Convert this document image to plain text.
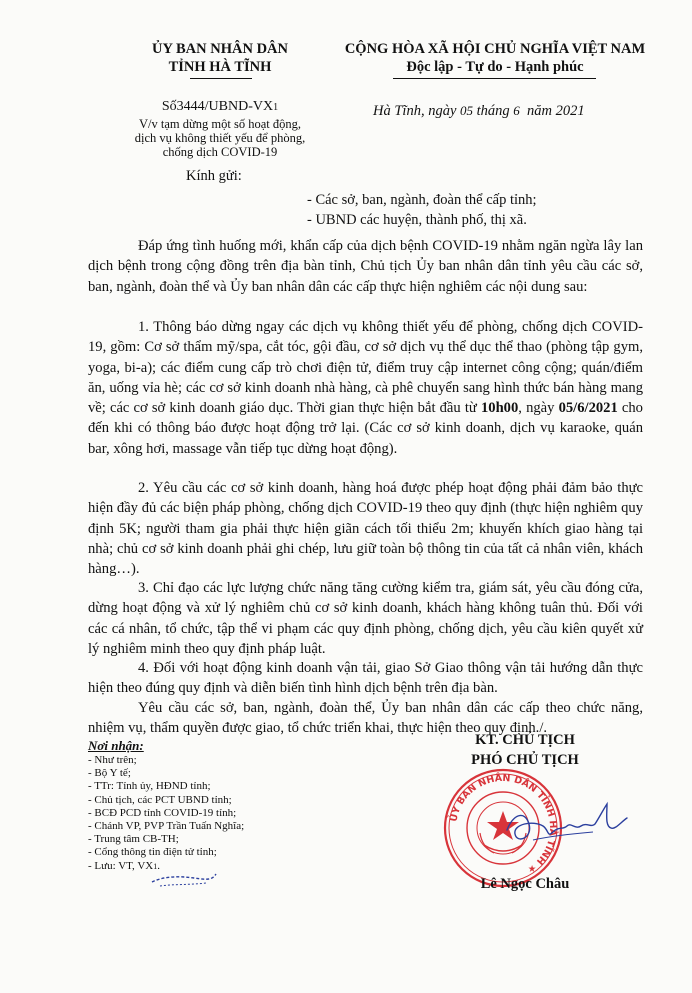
ỦY BAN NHÂN DÂN
TỈNH HÀ TĨNH
CỘNG HÒA XÃ HỘI CHỦ NGHĨA VIỆT NAM
Độc lập - Tự do - Hạnh phúc
Số3444/UBND-VX1
V/v tạm dừng một số hoạt động,
dịch vụ không thiết yếu để phòng,
chống dịch COVID-19
Hà Tĩnh, ngày 05 tháng 6 năm 2021
Kính gửi:
- Các sở, ban, ngành, đoàn thể cấp tỉnh;
- UBND các huyện, thành phố, thị xã.
Đáp ứng tình huống mới, khẩn cấp của dịch bệnh COVID-19 nhằm ngăn ngừa lây lan dịch bệnh trong cộng đồng trên địa bàn tỉnh, Chủ tịch Ủy ban nhân dân tỉnh yêu cầu các sở, ban, ngành, đoàn thể và Ủy ban nhân dân các cấp thực hiện nghiêm các nội dung sau:
1. Thông báo dừng ngay các dịch vụ không thiết yếu để phòng, chống dịch COVID-19, gồm: Cơ sở thẩm mỹ/spa, cắt tóc, gội đầu, cơ sở dịch vụ thể dục thể thao (phòng tập gym, yoga, bi-a); các điểm cung cấp trò chơi điện tử, điểm truy cập internet công cộng; quán/điểm ăn, uống vỉa hè; các cơ sở kinh doanh nhà hàng, cà phê chuyển sang hình thức bán hàng mang về; các cơ sở kinh doanh giáo dục. Thời gian thực hiện bắt đầu từ 10h00, ngày 05/6/2021 cho đến khi có thông báo được hoạt động trở lại. (Các cơ sở kinh doanh, dịch vụ karaoke, quán bar, xông hơi, massage vẫn tiếp tục dừng hoạt động).
2. Yêu cầu các cơ sở kinh doanh, hàng hoá được phép hoạt động phải đảm bảo thực hiện đầy đủ các biện pháp phòng, chống dịch COVID-19 theo quy định (thực hiện nghiêm quy định 5K; người tham gia phải thực hiện giãn cách tối thiểu 2m; khuyến khích giao hàng tại nhà; chủ cơ sở kinh doanh phải ghi chép, lưu giữ toàn bộ thông tin của tất cả nhân viên, khách hàng…).
3. Chỉ đạo các lực lượng chức năng tăng cường kiểm tra, giám sát, yêu cầu đóng cửa, dừng hoạt động và xử lý nghiêm chủ cơ sở kinh doanh, khách hàng không tuân thủ. Đối với các cá nhân, tổ chức, tập thể vi phạm các quy định phòng, chống dịch, yêu cầu kiên quyết xử lý nghiêm minh theo quy định pháp luật.
4. Đối với hoạt động kinh doanh vận tải, giao Sở Giao thông vận tải hướng dẫn thực hiện theo đúng quy định và diễn biến tình hình dịch bệnh trên địa bàn.
Yêu cầu các sở, ban, ngành, đoàn thể, Ủy ban nhân dân các cấp theo chức năng, nhiệm vụ, thẩm quyền được giao, tổ chức triển khai, thực hiện theo quy định./.
Nơi nhận:
- Như trên;
- Bộ Y tế;
- TTr: Tỉnh ủy, HĐND tỉnh;
- Chủ tịch, các PCT UBND tỉnh;
- BCĐ PCD tỉnh COVID-19 tỉnh;
- Chánh VP, PVP Trần Tuấn Nghĩa;
- Trung tâm CB-TH;
- Cổng thông tin điện tử tỉnh;
- Lưu: VT, VX1.
KT. CHỦ TỊCH
PHÓ CHỦ TỊCH
ỦY BAN NHÂN DÂN TỈNH HÀ TĨNH ★
Lê Ngọc Châu
